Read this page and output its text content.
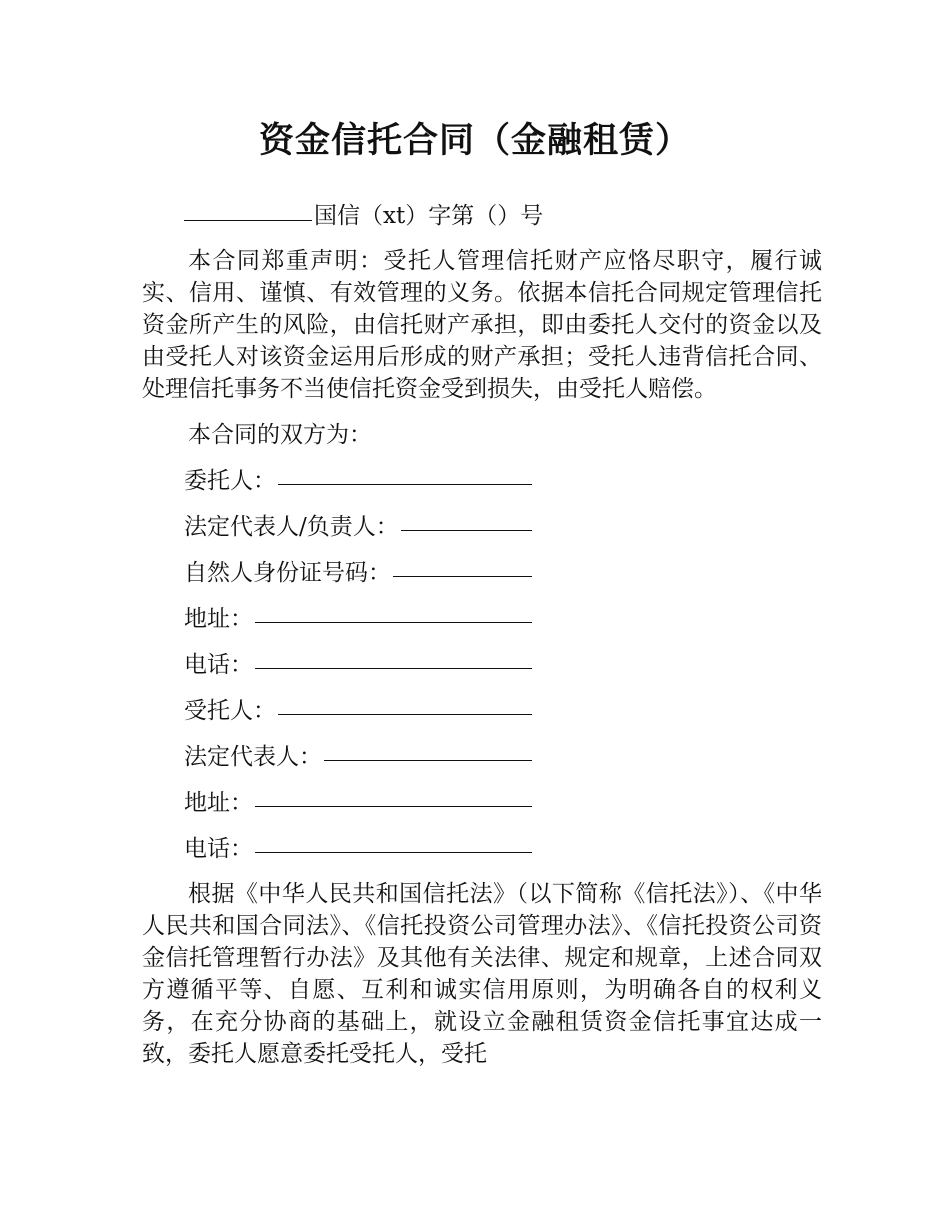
资金信托合同（金融租赁）

国信（xt）字第（）号

本合同郑重声明：受托人管理信托财产应恪尽职守，履行诚实、信用、谨慎、有效管理的义务。依据本信托合同规定管理信托资金所产生的风险，由信托财产承担，即由委托人交付的资金以及由受托人对该资金运用后形成的财产承担；受托人违背信托合同、处理信托事务不当使信托资金受到损失，由受托人赔偿。

本合同的双方为：

委托人：

法定代表人/负责人：

自然人身份证号码：

地址：

电话：

受托人：

法定代表人：

地址：

电话：

根据《中华人民共和国信托法》（以下简称《信托法》）、《中华人民共和国合同法》、《信托投资公司管理办法》、《信托投资公司资金信托管理暂行办法》及其他有关法律、规定和规章，上述合同双方遵循平等、自愿、互利和诚实信用原则，为明确各自的权利义务，在充分协商的基础上，就设立金融租赁资金信托事宜达成一致，委托人愿意委托受托人，受托
